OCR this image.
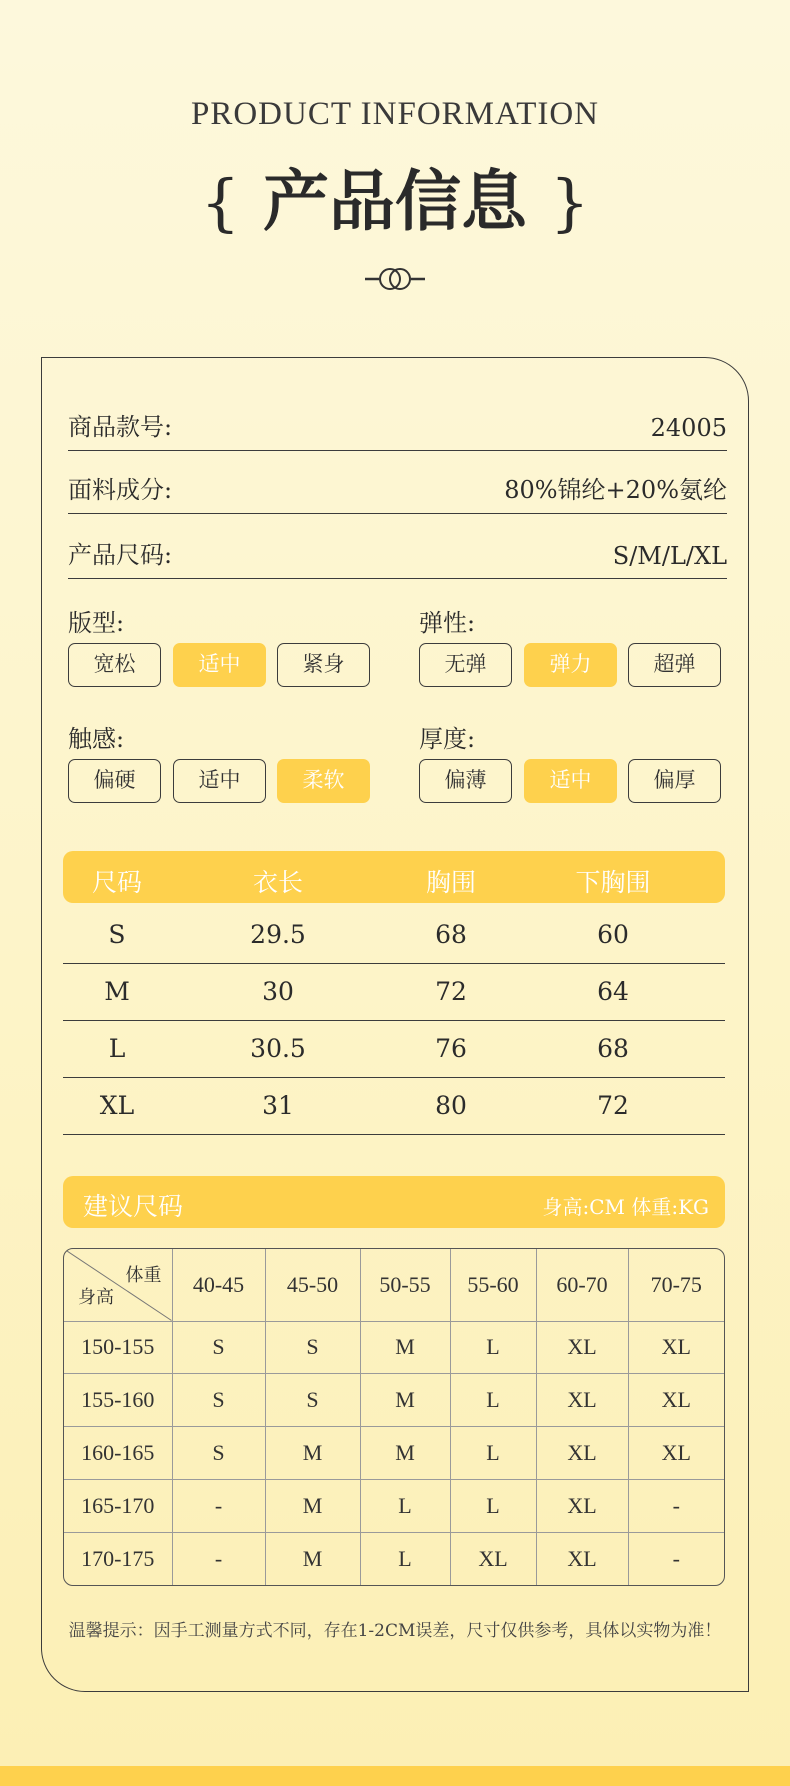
PRODUCT INFORMATION
{ 产品信息 }
商品款号:	24005
面料成分:	80%锦纶+20%氨纶
产品尺码:	S/M/L/XL
版型:
宽松	适中	紧身
弹性:
无弹	弹力	超弹
触感:
偏硬	适中	柔软
厚度:
偏薄	适中	偏厚
尺码	衣长	胸围	下胸围
S	29.5	68	60
M	30	72	64
L	30.5	76	68
XL	31	80	72
建议尺码	身高:CM 体重:KG
体重
身高	40-45	45-50	50-55	55-60	60-70	70-75
150-155	S	S	M	L	XL	XL
155-160	S	S	M	L	XL	XL
160-165	S	M	M	L	XL	XL
165-170	-	M	L	L	XL	-
170-175	-	M	L	XL	XL	-
温馨提示：因手工测量方式不同，存在1-2CM误差，尺寸仅供参考，具体以实物为准！
